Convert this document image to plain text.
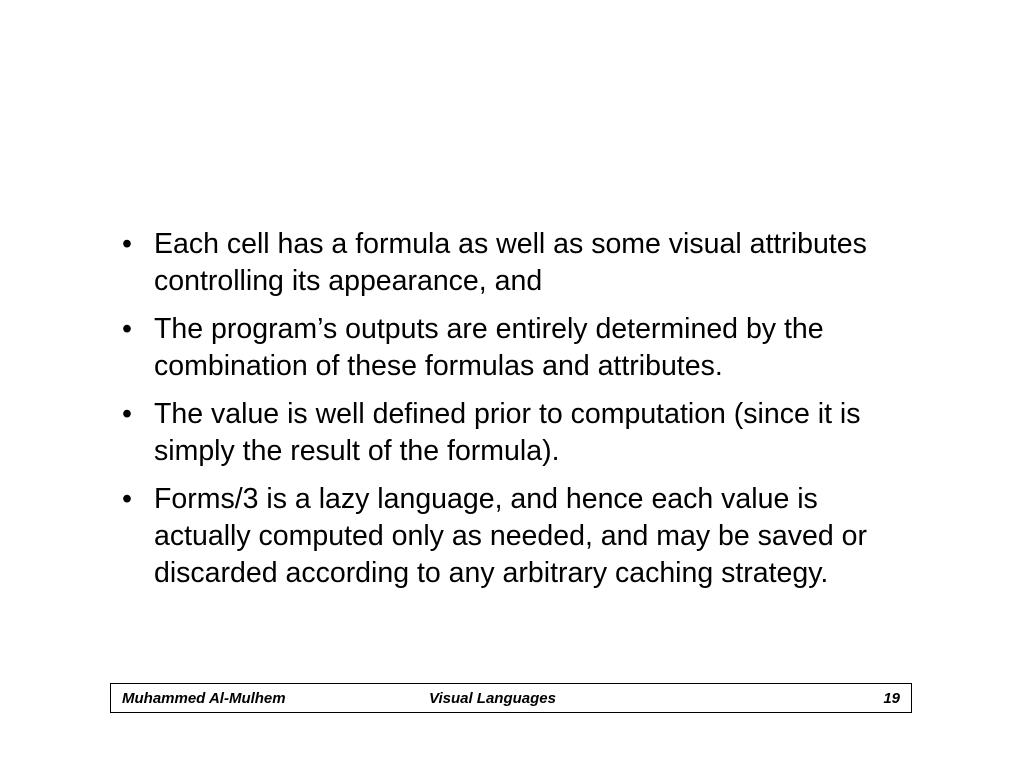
• Each cell has a formula as well as some visual attributes controlling its appearance, and
• The program’s outputs are entirely determined by the combination of these formulas and attributes.
• The value is well defined prior to computation (since it is simply the result of the formula).
• Forms/3 is a lazy language, and hence each value is actually computed only as needed, and may be saved or discarded according to any arbitrary caching strategy.
Muhammed Al-Mulhem	Visual Languages	19
